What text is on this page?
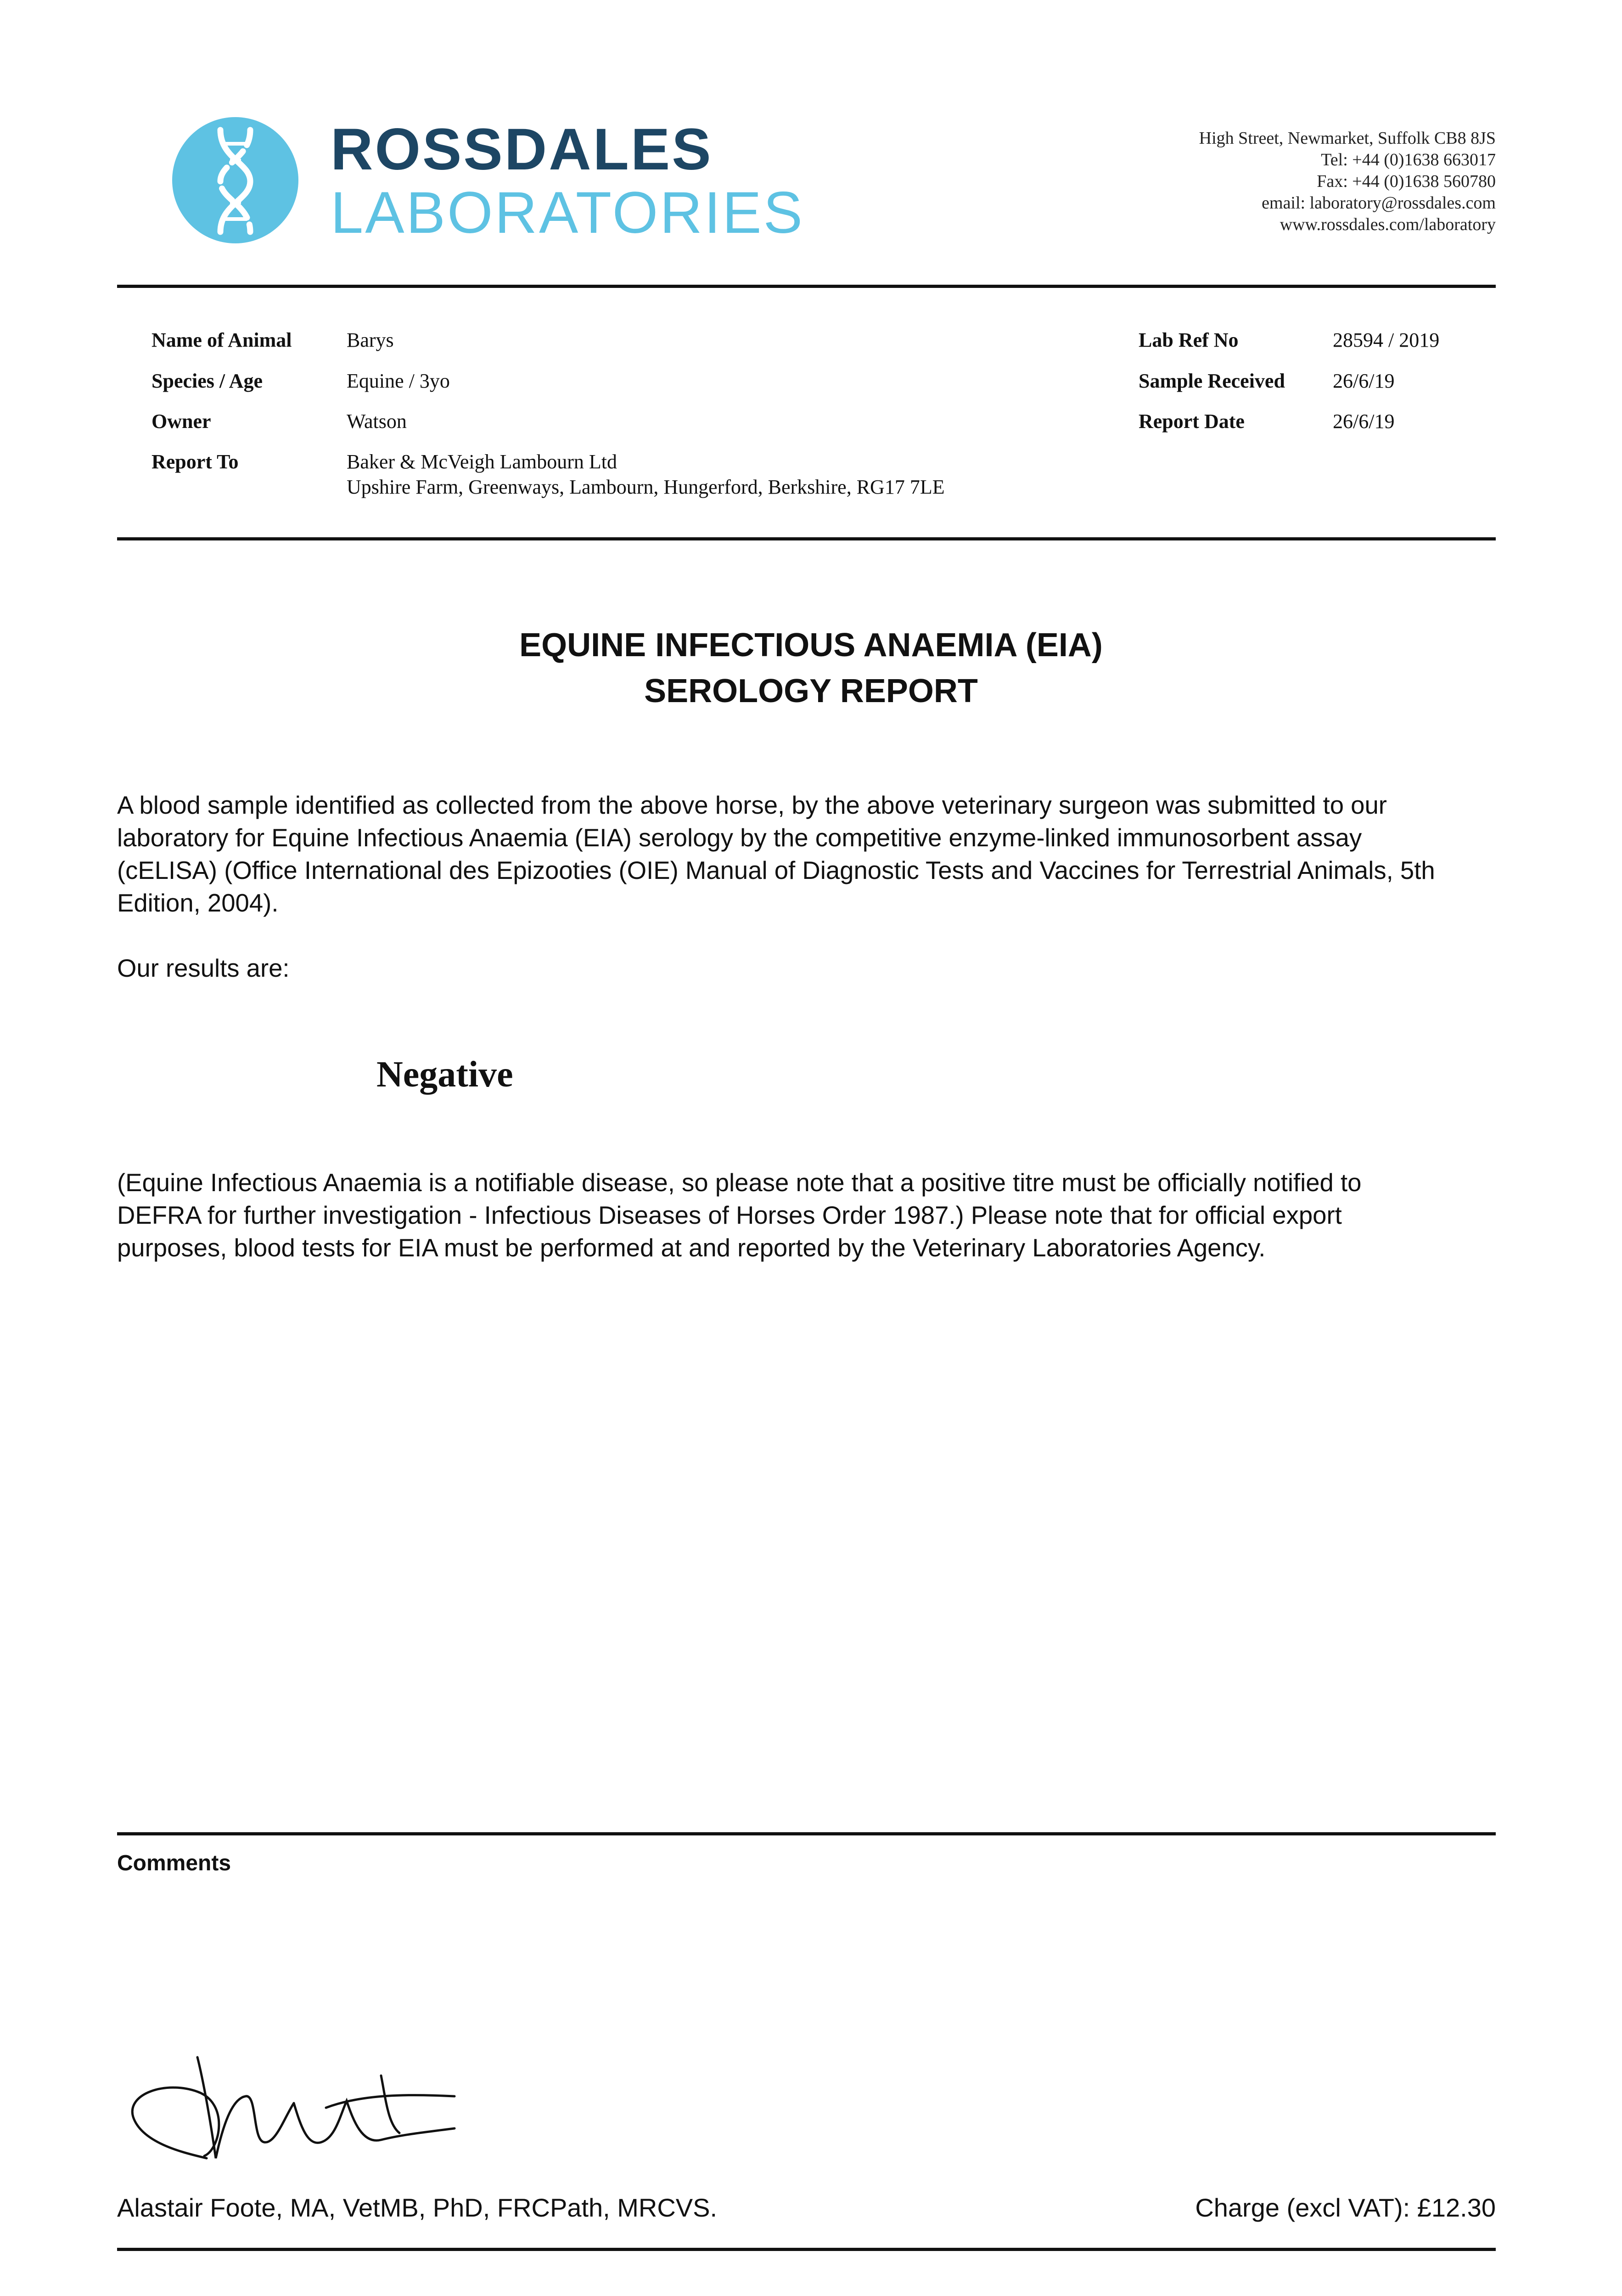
ROSSDALES
LABORATORIES
High Street, Newmarket, Suffolk CB8 8JS
Tel: +44 (0)1638 663017
Fax: +44 (0)1638 560780
email: laboratory@rossdales.com
www.rossdales.com/laboratory
Name of Animal	Barys
Species / Age	Equine / 3yo
Owner	Watson
Report To	Baker & McVeigh Lambourn Ltd
Upshire Farm, Greenways, Lambourn, Hungerford, Berkshire, RG17 7LE
Lab Ref No	28594 / 2019
Sample Received 26/6/19
Report Date	26/6/19
EQUINE INFECTIOUS ANAEMIA (EIA)
SEROLOGY REPORT
A blood sample identified as collected from the above horse, by the above veterinary surgeon was submitted to our
laboratory for Equine Infectious Anaemia (EIA) serology by the competitive enzyme-linked immunosorbent assay
(cELISA) (Office International des Epizooties (OIE) Manual of Diagnostic Tests and Vaccines for Terrestrial Animals, 5th
Edition, 2004).
Our results are:
Negative
(Equine Infectious Anaemia is a notifiable disease, so please note that a positive titre must be officially notified to
DEFRA for further investigation - Infectious Diseases of Horses Order 1987.) Please note that for official export
purposes, blood tests for EIA must be performed at and reported by the Veterinary Laboratories Agency.
Comments
Alastair Foote, MA, VetMB, PhD, FRCPath, MRCVS.	Charge (excl VAT): £12.30
